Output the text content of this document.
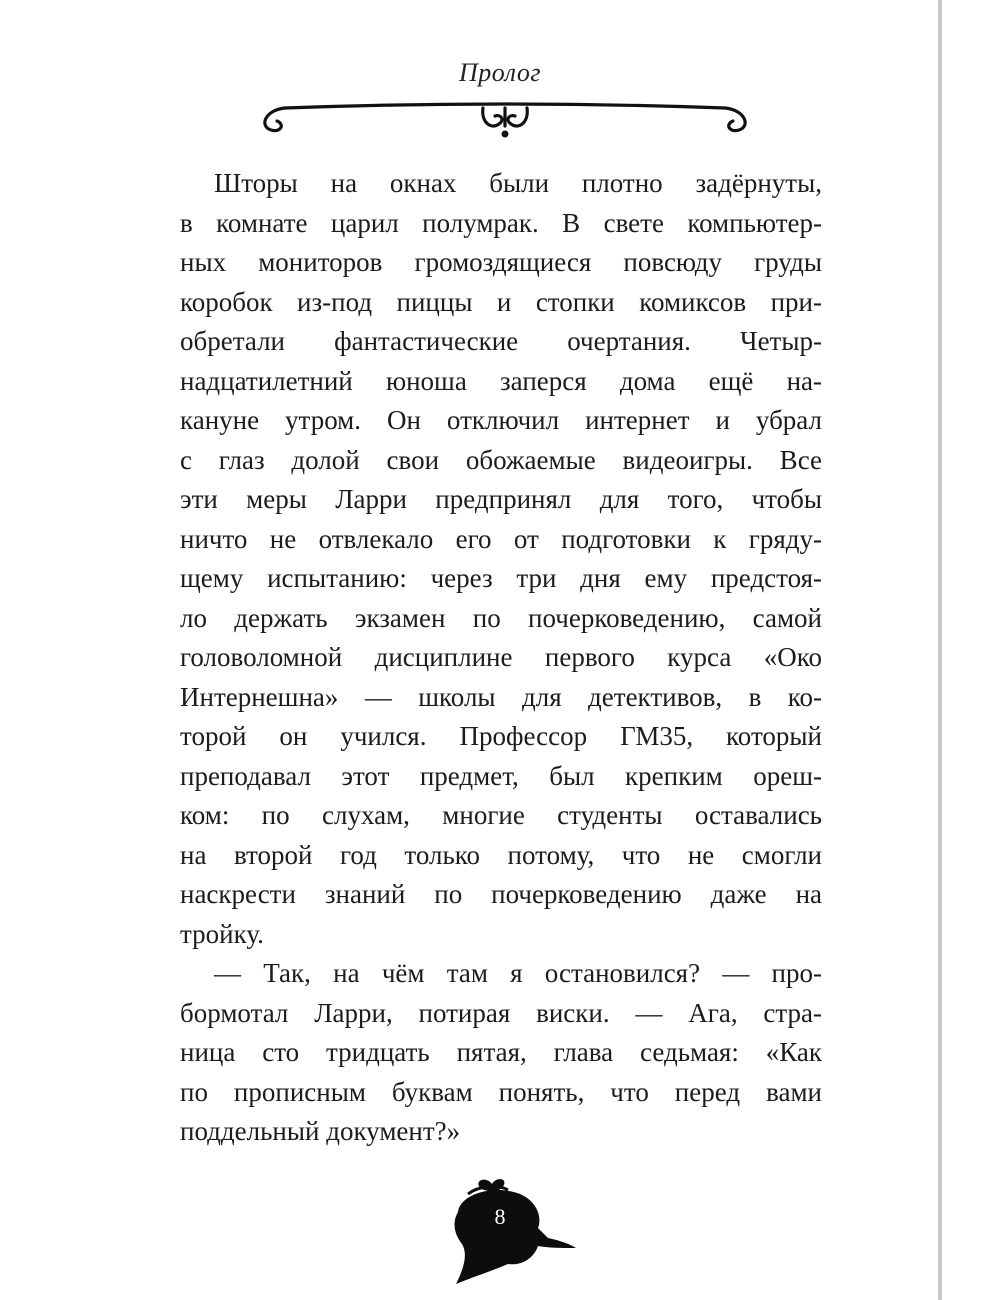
Пролог
Шторы на окнах были плотно задёрнуты,
в комнате царил полумрак. В свете компьютер-
ных мониторов громоздящиеся повсюду груды
коробок из-под пиццы и стопки комиксов при-
обретали фантастические очертания. Четыр-
надцатилетний юноша заперся дома ещё на-
кануне утром. Он отключил интернет и убрал
с глаз долой свои обожаемые видеоигры. Все
эти меры Ларри предпринял для того, чтобы
ничто не отвлекало его от подготовки к гряду-
щему испытанию: через три дня ему предстоя-
ло держать экзамен по почерковедению, самой
головоломной дисциплине первого курса «Око
Интернешна» — школы для детективов, в ко-
торой он учился. Профессор ГМ35, который
преподавал этот предмет, был крепким ореш-
ком: по слухам, многие студенты оставались
на второй год только потому, что не смогли
наскрести знаний по почерковедению даже на
тройку.
— Так, на чём там я остановился? — про-
бормотал Ларри, потирая виски. — Ага, стра-
ница сто тридцать пятая, глава седьмая: «Как
по прописным буквам понять, что перед вами
поддельный документ?»
8
